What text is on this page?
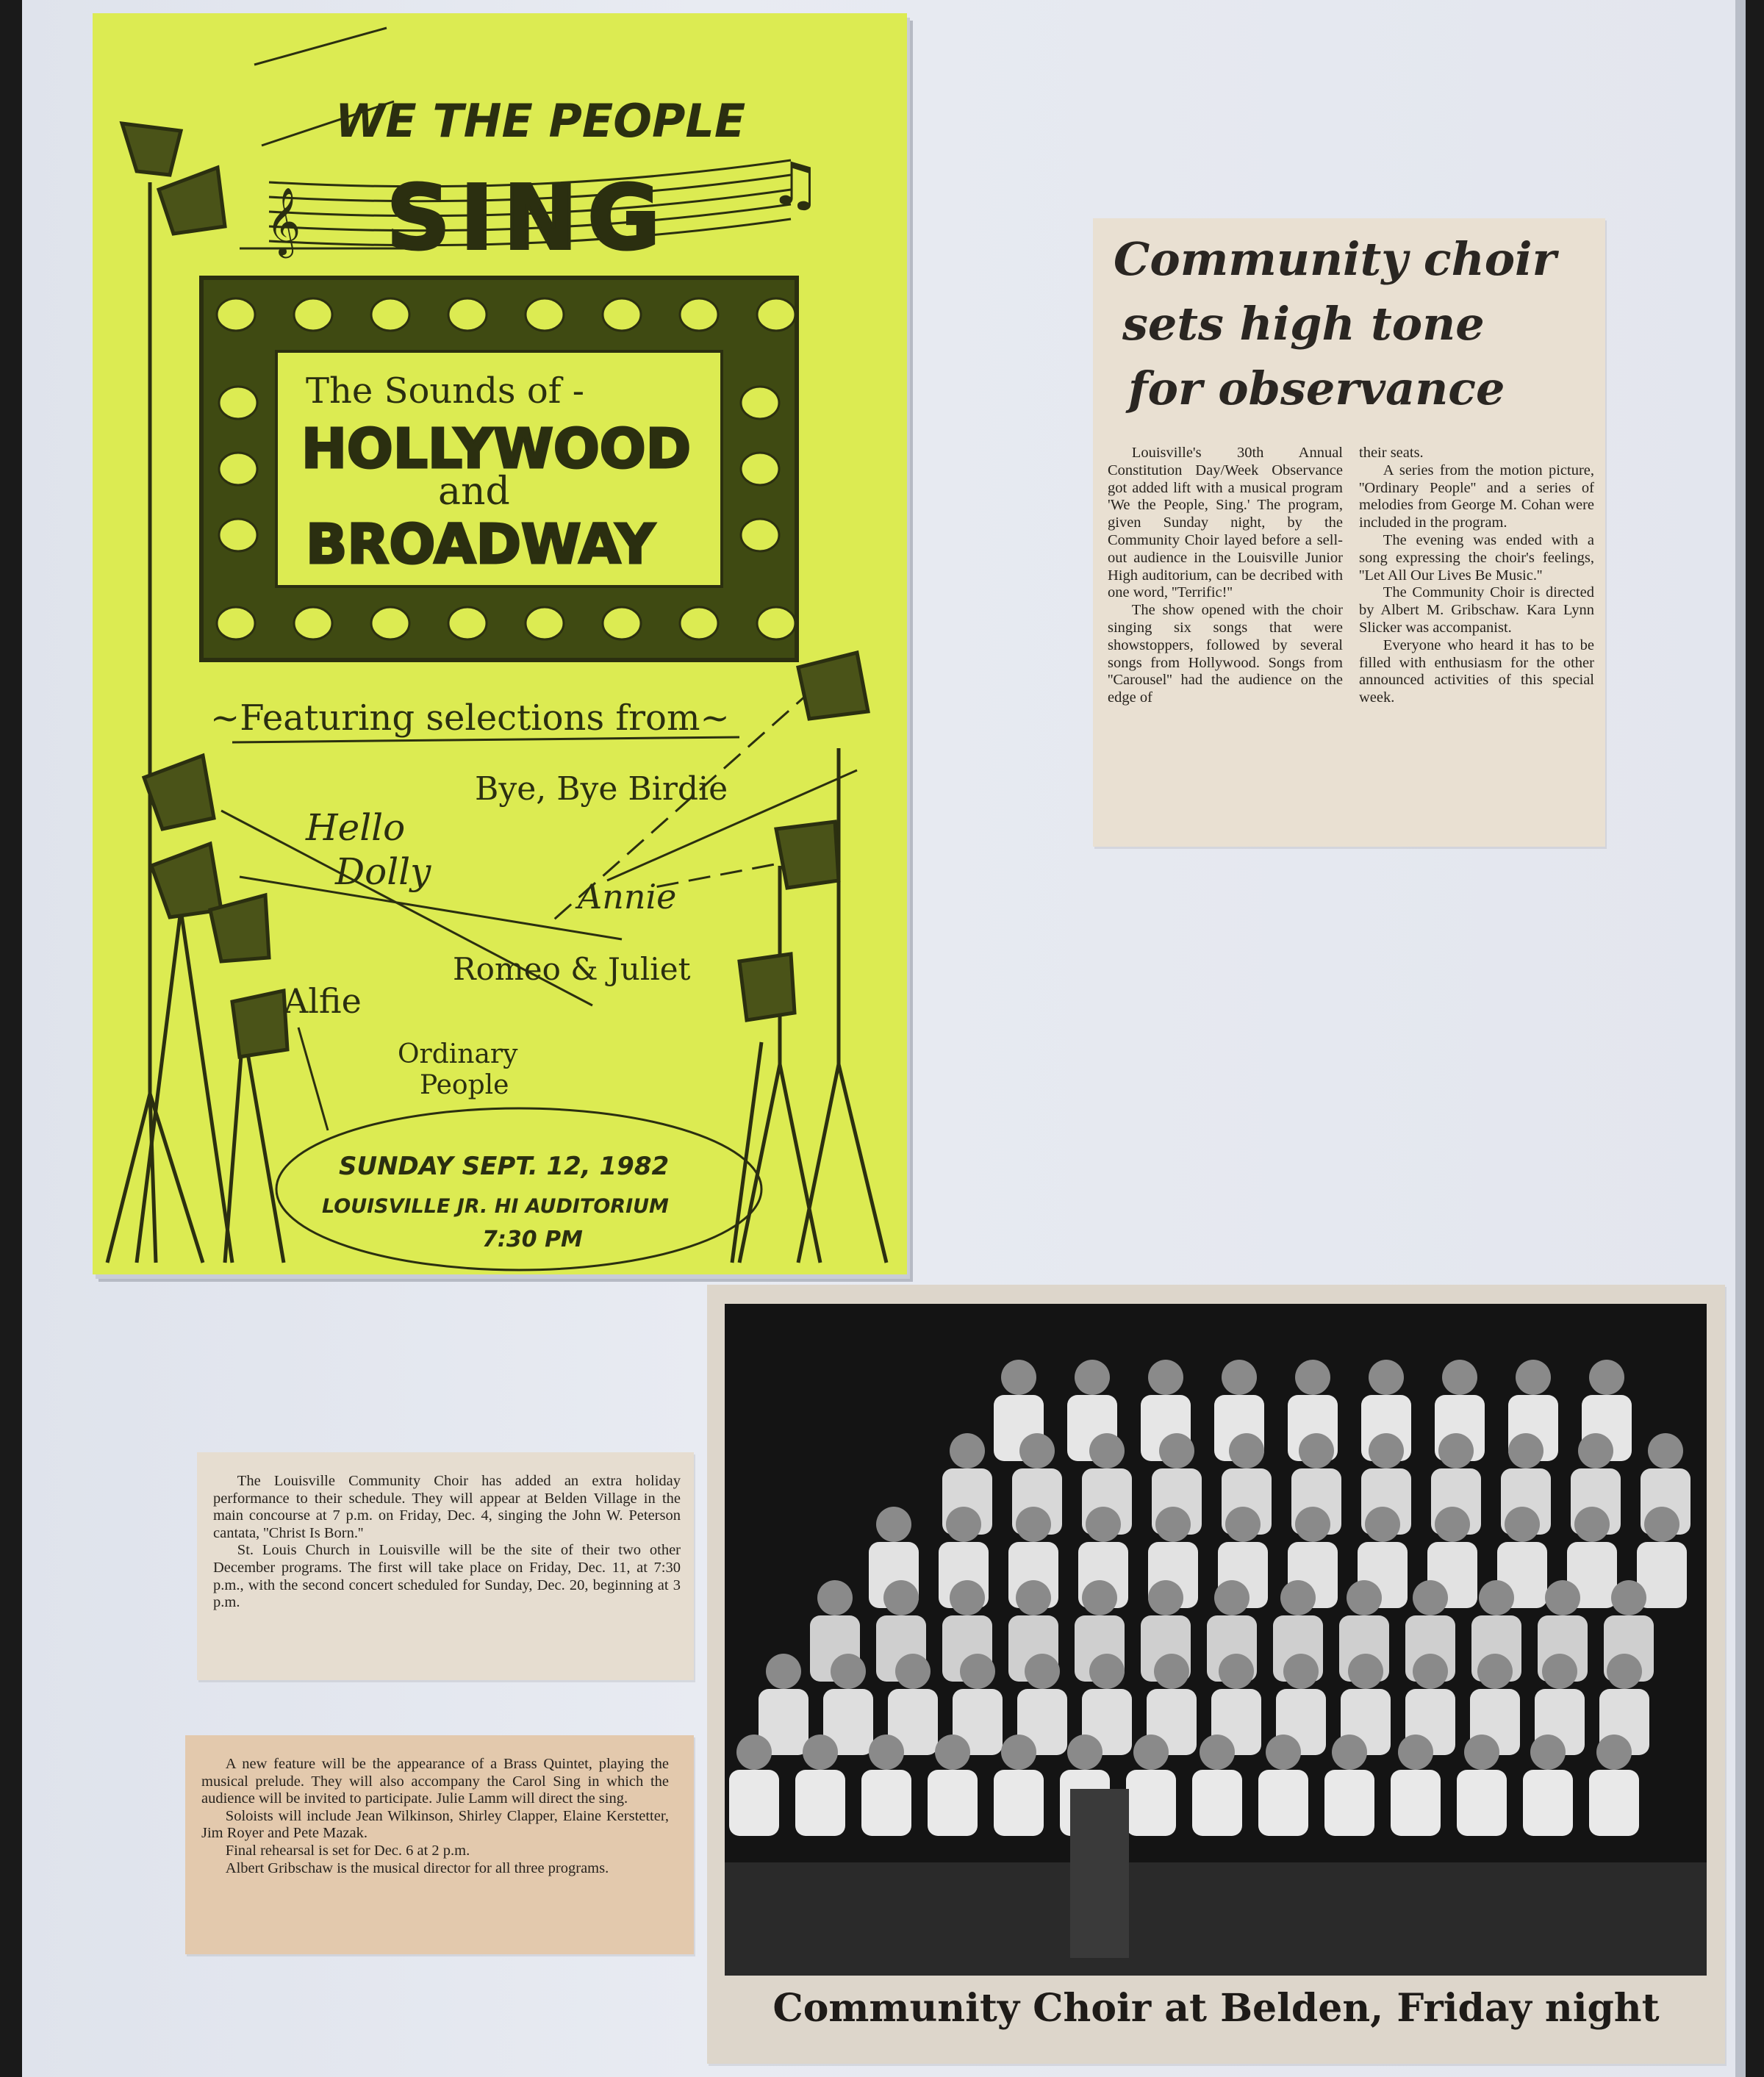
WE THE PEOPLE
𝄞
♫
SING
The Sounds of -
HOLLYWOOD
and
BROADWAY
~Featuring selections from~
Bye, Bye Birdie
Hello
Dolly
Annie
Romeo & Juliet
Alfie
Ordinary
People
SUNDAY SEPT. 12, 1982
LOUISVILLE JR. HI AUDITORIUM
7:30 PM
Community choir
sets high tone
for observance

Louisville's 30th Annual Constitution Day/Week Observance got added lift with a musical program 'We the People, Sing.' The program, given Sunday night, by the Community Choir layed before a sell-out audience in the Louisville Junior High auditorium, can be decribed with one word, ''Terrific!''

The show opened with the choir singing six songs that were showstoppers, followed by several songs from Hollywood. Songs from ''Carousel'' had the audience on the edge of

their seats.

A series from the motion picture, ''Ordinary People'' and a series of melodies from George M. Cohan were included in the program.

The evening was ended with a song expressing the choir's feelings, ''Let All Our Lives Be Music.''

The Community Choir is directed by Albert M. Gribschaw. Kara Lynn Slicker was accompanist.

Everyone who heard it has to be filled with enthusiasm for the other announced activities of this special week.

The Louisville Community Choir has added an extra holiday performance to their schedule. They will appear at Belden Village in the main concourse at 7 p.m. on Friday, Dec. 4, singing the John W. Peterson cantata, ''Christ Is Born.''

St. Louis Church in Louisville will be the site of their two other December programs. The first will take place on Friday, Dec. 11, at 7:30 p.m., with the second concert scheduled for Sunday, Dec. 20, beginning at 3 p.m.

A new feature will be the appearance of a Brass Quintet, playing the musical prelude. They will also accompany the Carol Sing in which the audience will be invited to participate. Julie Lamm will direct the sing.

Soloists will include Jean Wilkinson, Shirley Clapper, Elaine Kerstetter, Jim Royer and Pete Mazak.

Final rehearsal is set for Dec. 6 at 2 p.m.

Albert Gribschaw is the musical director for all three programs.

Community Choir at Belden, Friday night
